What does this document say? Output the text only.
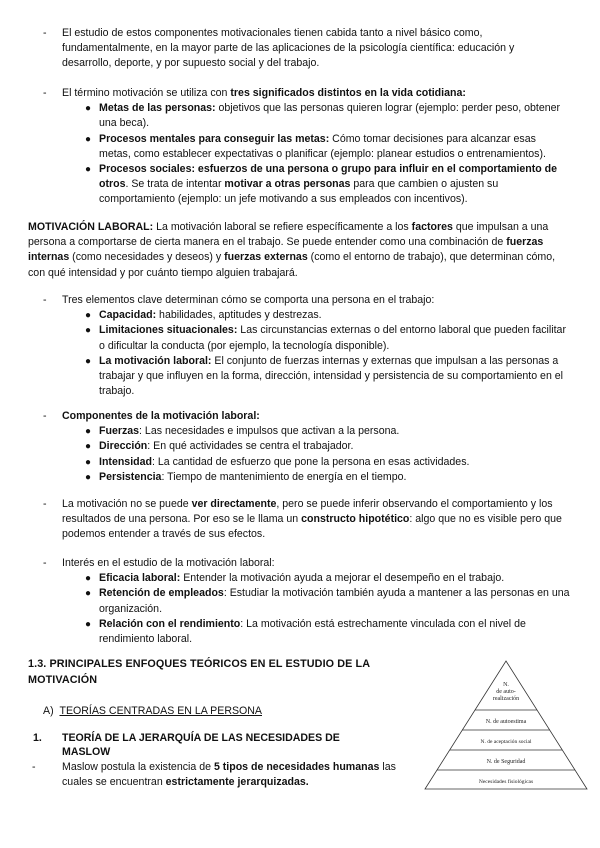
- El estudio de estos componentes motivacionales tienen cabida tanto a nivel básico como, fundamentalmente, en la mayor parte de las aplicaciones de la psicología científica: educación y desarrollo, deporte, y por supuesto social y del trabajo.

- El término motivación se utiliza con tres significados distintos en la vida cotidiana:

● Metas de las personas: objetivos que las personas quieren lograr (ejemplo: perder peso, obtener una beca).
● Procesos mentales para conseguir las metas: Cómo tomar decisiones para alcanzar esas metas, como establecer expectativas o planificar (ejemplo: planear estudios o entrenamientos).
● Procesos sociales: esfuerzos de una persona o grupo para influir en el comportamiento de otros. Se trata de intentar motivar a otras personas para que cambien o ajusten su comportamiento (ejemplo: un jefe motivando a sus empleados con incentivos).

MOTIVACIÓN LABORAL: La motivación laboral se refiere específicamente a los factores que impulsan a una persona a comportarse de cierta manera en el trabajo. Se puede entender como una combinación de fuerzas internas (como necesidades y deseos) y fuerzas externas (como el entorno de trabajo), que determinan cómo, con qué intensidad y por cuánto tiempo alguien trabajará.

- Tres elementos clave determinan cómo se comporta una persona en el trabajo:

● Capacidad: habilidades, aptitudes y destrezas.
● Limitaciones situacionales: Las circunstancias externas o del entorno laboral que pueden facilitar o dificultar la conducta (por ejemplo, la tecnología disponible).
● La motivación laboral: El conjunto de fuerzas internas y externas que impulsan a las personas a trabajar y que influyen en la forma, dirección, intensidad y persistencia de su comportamiento en el trabajo.

- Componentes de la motivación laboral:

● Fuerzas: Las necesidades e impulsos que activan a la persona.
● Dirección: En qué actividades se centra el trabajador.
● Intensidad: La cantidad de esfuerzo que pone la persona en esas actividades.
● Persistencia: Tiempo de mantenimiento de energía en el tiempo.

- La motivación no se puede ver directamente, pero se puede inferir observando el comportamiento y los resultados de una persona. Por eso se le llama un constructo hipotético: algo que no es visible pero que podemos entender a través de sus efectos.

- Interés en el estudio de la motivación laboral:

● Eficacia laboral: Entender la motivación ayuda a mejorar el desempeño en el trabajo.
● Retención de empleados: Estudiar la motivación también ayuda a mantener a las personas en una organización.
● Relación con el rendimiento: La motivación está estrechamente vinculada con el nivel de rendimiento laboral.
1.3. PRINCIPALES ENFOQUES TEÓRICOS EN EL ESTUDIO DE LA
MOTIVACIÓN
A) TEORÍAS CENTRADAS EN LA PERSONA
1.	TEORÍA DE LA JERARQUÍA DE LAS NECESIDADES DE
MASLOW

- Maslow postula la existencia de 5 tipos de necesidades humanas las cuales se encuentran estrictamente jerarquizadas.

N.
de auto-
realización
N. de autoestima
N. de aceptación social
N. de Seguridad
Necesidades fisiológicas
